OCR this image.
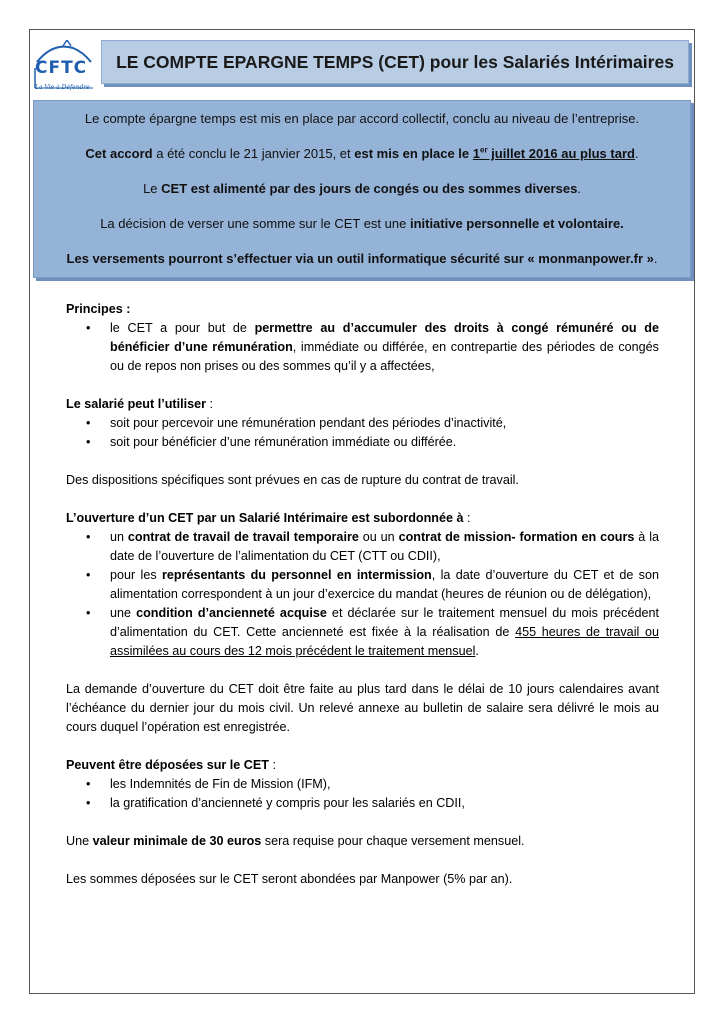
CFTC
La Vie à Défendre
LE COMPTE EPARGNE TEMPS (CET) pour les Salariés Intérimaires

Le compte épargne temps est mis en place par accord collectif, conclu au niveau de l’entreprise.

Cet accord a été conclu le 21 janvier 2015, et est mis en place le 1er juillet 2016 au plus tard.

Le CET est alimenté par des jours de congés ou des sommes diverses.

La décision de verser une somme sur le CET est une initiative personnelle et volontaire.

Les versements pourront s’effectuer via un outil informatique sécurité sur « monmanpower.fr ».

Principes :

• le CET a pour but de permettre au d’accumuler des droits à congé rémunéré ou de bénéficier d’une rémunération, immédiate ou différée, en contrepartie des périodes de congés ou de repos non prises ou des sommes qu’il y a affectées,

Le salarié peut l’utiliser :

• soit pour percevoir une rémunération pendant des périodes d’inactivité,
• soit pour bénéficier d’une rémunération immédiate ou différée.

Des dispositions spécifiques sont prévues en cas de rupture du contrat de travail.

L’ouverture d’un CET par un Salarié Intérimaire est subordonnée à :

• un contrat de travail de travail temporaire ou un contrat de mission- formation en cours à la date de l’ouverture de l’alimentation du CET (CTT ou CDII),
• pour les représentants du personnel en intermission, la date d’ouverture du CET et de son alimentation correspondent à un jour d’exercice du mandat (heures de réunion ou de délégation),
• une condition d’ancienneté acquise et déclarée sur le traitement mensuel du mois précédent d’alimentation du CET. Cette ancienneté est fixée à la réalisation de 455 heures de travail ou assimilées au cours des 12 mois précédent le traitement mensuel.

La demande d’ouverture du CET doit être faite au plus tard dans le délai de 10 jours calendaires avant l’échéance du dernier jour du mois civil. Un relevé annexe au bulletin de salaire sera délivré le mois au cours duquel l’opération est enregistrée.

Peuvent être déposées sur le CET :

• les Indemnités de Fin de Mission (IFM),
• la gratification d’ancienneté y compris pour les salariés en CDII,

Une valeur minimale de 30 euros sera requise pour chaque versement mensuel.

Les sommes déposées sur le CET seront abondées par Manpower (5% par an).
